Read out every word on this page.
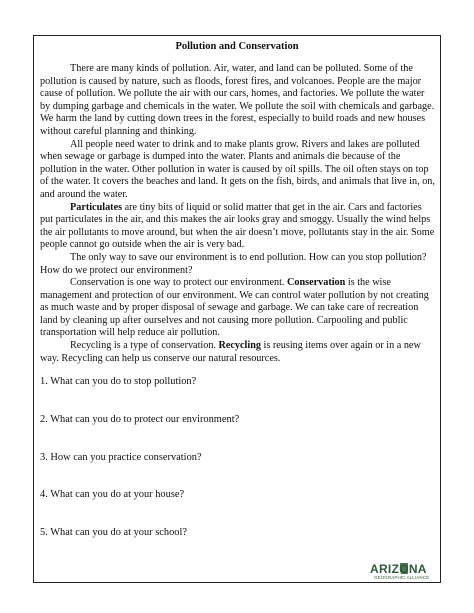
Pollution and Conservation

There are many kinds of pollution. Air, water, and land can be polluted. Some of the pollution is caused by nature, such as floods, forest fires, and volcanoes. People are the major cause of pollution. We pollute the air with our cars, homes, and factories. We pollute the water by dumping garbage and chemicals in the water. We pollute the soil with chemicals and garbage. We harm the land by cutting down trees in the forest, especially to build roads and new houses without careful planning and thinking.

All people need water to drink and to make plants grow. Rivers and lakes are polluted when sewage or garbage is dumped into the water. Plants and animals die because of the pollution in the water. Other pollution in water is caused by oil spills. The oil often stays on top of the water. It covers the beaches and land. It gets on the fish, birds, and animals that live in, on, and around the water.

Particulates are tiny bits of liquid or solid matter that get in the air. Cars and factories put particulates in the air, and this makes the air looks gray and smoggy. Usually the wind helps the air pollutants to move around, but when the air doesn’t move, pollutants stay in the air. Some people cannot go outside when the air is very bad.

The only way to save our environment is to end pollution. How can you stop pollution? How do we protect our environment?

Conservation is one way to protect our environment. Conservation is the wise management and protection of our environment. We can control water pollution by not creating as much waste and by proper disposal of sewage and garbage. We can take care of recreation land by cleaning up after ourselves and not causing more pollution. Carpooling and public transportation will help reduce air pollution.

Recycling is a type of conservation. Recycling is reusing items over again or in a new way. Recycling can help us conserve our natural resources.

1. What can you do to stop pollution?
2. What can you do to protect our environment?
3. How can you practice conservation?
4. What can you do at your house?
5. What can you do at your school?
ARIZONA
GEOGRAPHIC ALLIANCE
